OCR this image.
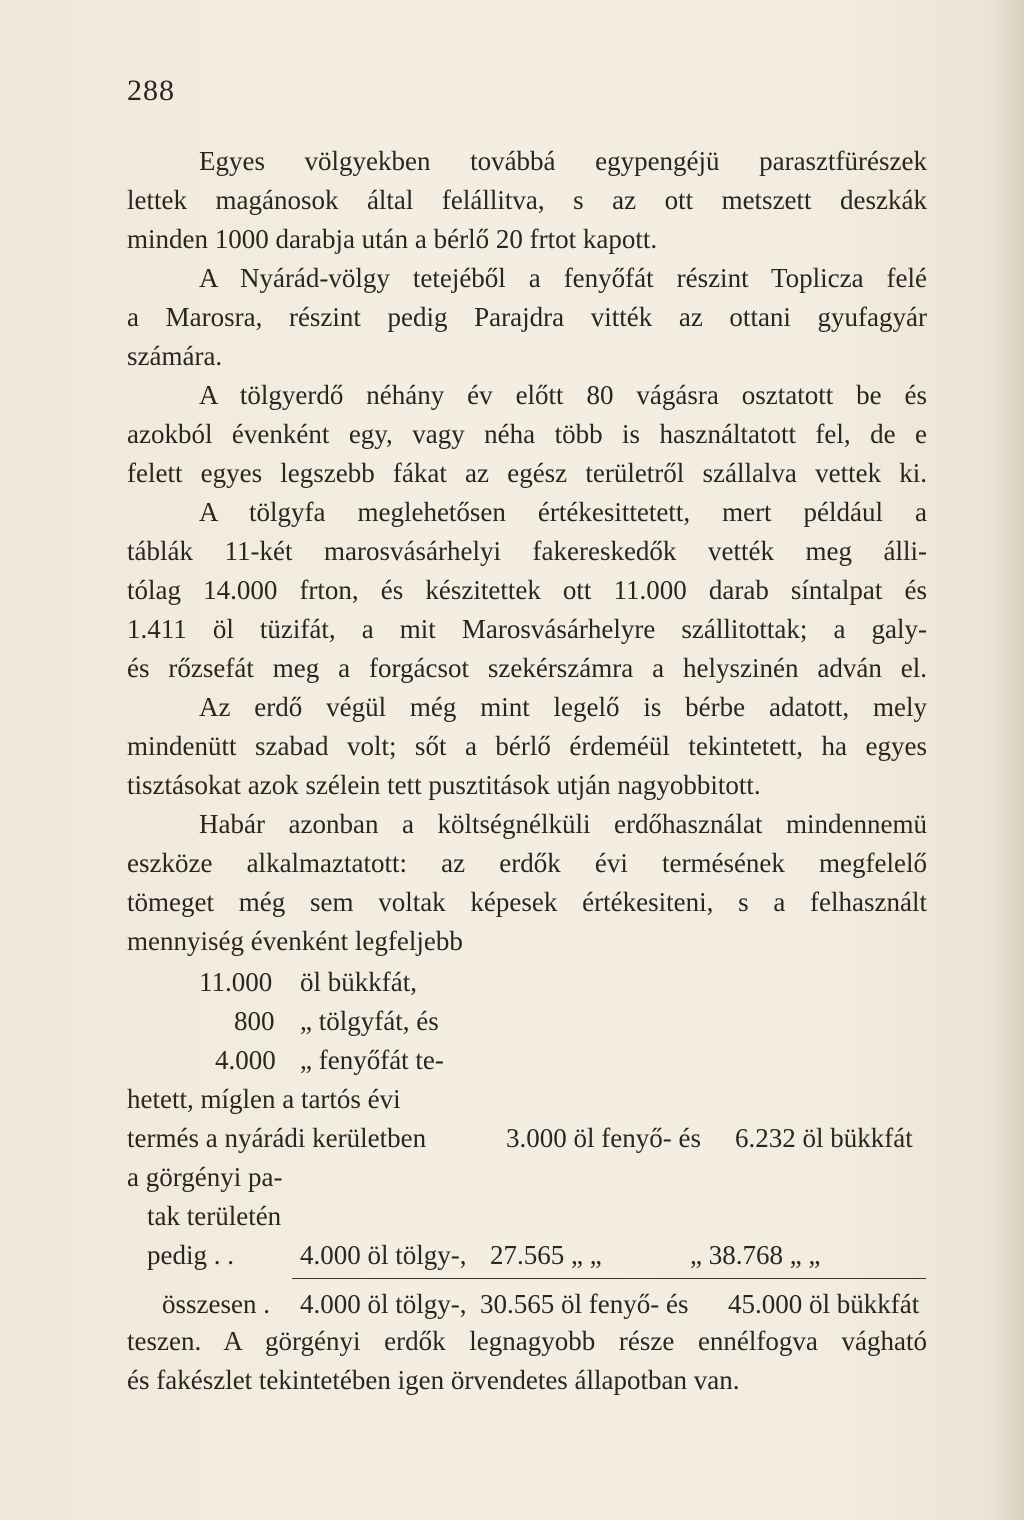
288
Egyes völgyekben továbbá egypengéjü parasztfürészek
lettek magánosok által felállitva, s az ott metszett deszkák
minden 1000 darabja után a bérlő 20 frtot kapott.
A Nyárád-völgy tetejéből a fenyőfát részint Toplicza felé
a Marosra, részint pedig Parajdra vitték az ottani gyufagyár
számára.
A tölgyerdő néhány év előtt 80 vágásra osztatott be és
azokból évenként egy, vagy néha több is használtatott fel, de e
felett egyes legszebb fákat az egész területről szállalva vettek ki.
A tölgyfa meglehetősen értékesittetett, mert például a
táblák 11-két marosvásárhelyi fakereskedők vették meg álli-
tólag 14.000 frton, és készitettek ott 11.000 darab síntalpat és
1.411 öl tüzifát, a mit Marosvásárhelyre szállitottak; a galy-
és rőzsefát meg a forgácsot szekérszámra a helyszinén adván el.
Az erdő végül még mint legelő is bérbe adatott, mely
mindenütt szabad volt; sőt a bérlő érdeméül tekintetett, ha egyes
tisztásokat azok szélein tett pusztitások utján nagyobbitott.
Habár azonban a költségnélküli erdőhasználat mindennemü
eszköze alkalmaztatott: az erdők évi termésének megfelelő
tömeget még sem voltak képesek értékesiteni, s a felhasznált
mennyiség évenként legfeljebb
11.000 öl bükkfát,
800 „ tölgyfát, és
4.000 „ fenyőfát te-
hetett, míglen a tartós évi
termés a nyárádi kerületben
a görgényi pa-
tak területén
3.000 öl fenyő- és 6.232 öl bükkfát
pedig . . 4.000 öl tölgy-, 27.565 „ „	„ 38.768 „ „
összesen . 4.000 öl tölgy-, 30.565 öl fenyő- és 45.000 öl bükkfát
teszen. A görgényi erdők legnagyobb része ennélfogva vágható
és fakészlet tekintetében igen örvendetes állapotban van.
